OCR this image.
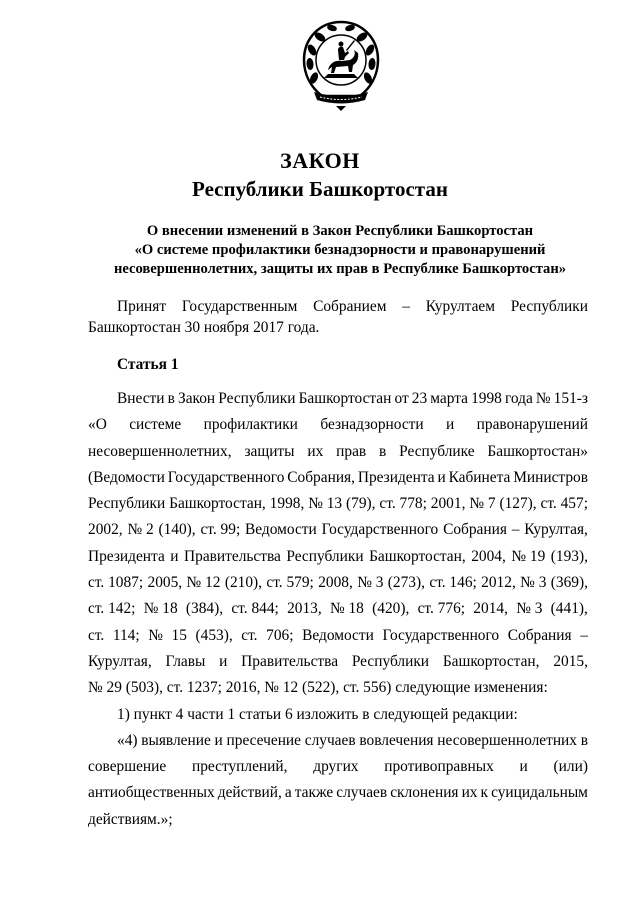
ЗАКОН
Республики Башкортостан
О внесении изменений в Закон Республики Башкортостан
«О системе профилактики безнадзорности и правонарушений
несовершеннолетних, защиты их прав в Республике Башкортостан»
Принят Государственным Собранием – Курултаем Республики
Башкортостан 30 ноября 2017 года.
Статья 1
Внести в Закон Республики Башкортостан от 23 марта 1998 года № 151-з
«О системе профилактики безнадзорности и правонарушений
несовершеннолетних, защиты их прав в Республике Башкортостан»
(Ведомости Государственного Собрания, Президента и Кабинета Министров
Республики Башкортостан, 1998, № 13 (79), ст. 778; 2001, № 7 (127), ст. 457;
2002, № 2 (140), ст. 99; Ведомости Государственного Собрания – Курултая,
Президента и Правительства Республики Башкортостан, 2004, № 19 (193),
ст. 1087; 2005, № 12 (210), ст. 579; 2008, № 3 (273), ст. 146; 2012, № 3 (369),
ст. 142; № 18 (384), ст. 844; 2013, № 18 (420), ст. 776; 2014, № 3 (441),
ст. 114; № 15 (453), ст. 706; Ведомости Государственного Собрания –
Курултая, Главы и Правительства Республики Башкортостан, 2015,
№ 29 (503), ст. 1237; 2016, № 12 (522), ст. 556) следующие изменения:
1) пункт 4 части 1 статьи 6 изложить в следующей редакции:
«4) выявление и пресечение случаев вовлечения несовершеннолетних в
совершение преступлений, других противоправных и (или)
антиобщественных действий, а также случаев склонения их к суицидальным
действиям.»;
